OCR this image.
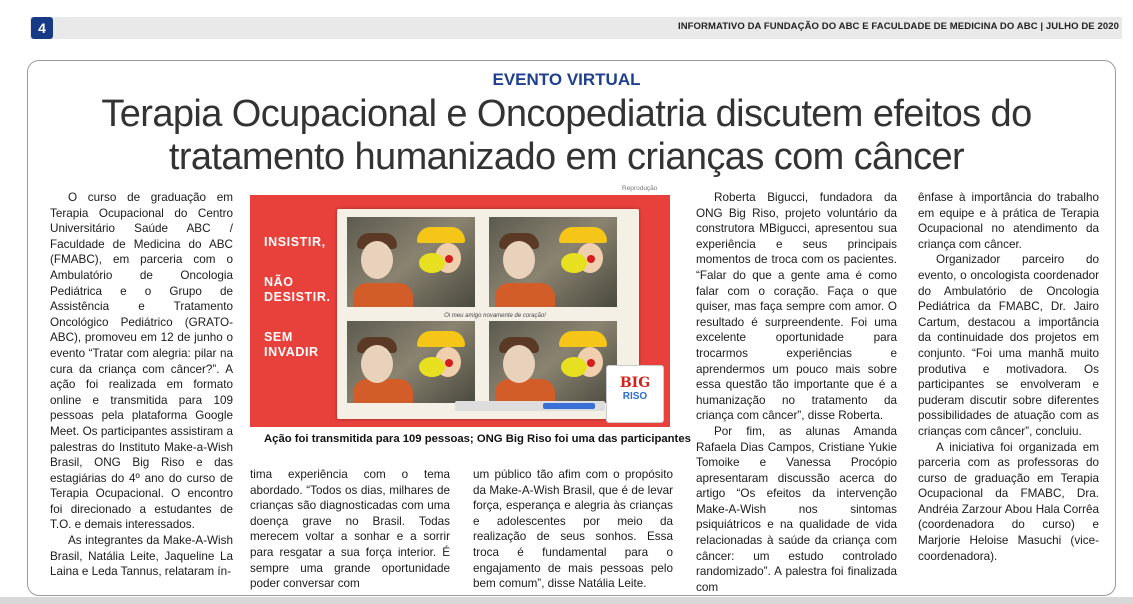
4	INFORMATIVO DA FUNDAÇÃO DO ABC E FACULDADE DE MEDICINA DO ABC | JULHO DE 2020
EVENTO VIRTUAL
Terapia Ocupacional e Oncopediatria discutem efeitos do
tratamento humanizado em crianças com câncer

O curso de graduação em Terapia Ocupacional do Centro Universitário Saúde ABC / Faculdade de Medicina do ABC (FMABC), em parceria com o Ambulatório de Oncologia Pediátrica e o Grupo de Assistência e Tratamento Oncológico Pediátrico (GRATO-ABC), promoveu em 12 de junho o evento “Tratar com alegria: pilar na cura da criança com câncer?”. A ação foi realizada em formato online e transmitida para 109 pessoas pela plataforma Google Meet. Os participantes assistiram a palestras do Instituto Make-a-Wish Brasil, ONG Big Riso e das estagiárias do 4º ano do curso de Terapia Ocupacional. O encontro foi direcionado a estudantes de T.O. e demais interessados.

As integrantes da Make-A-Wish Brasil, Natália Leite, Jaqueline La Laina e Leda Tannus, relataram ín-

Reprodução
INSISTIR,
NÃO DESISTIR.
SEM INVADIR
Oi meu amigo novamente de coração!
BIG
RISO
Ação foi transmitida para 109 pessoas; ONG Big Riso foi uma das participantes

tima experiência com o tema abordado. “Todos os dias, milhares de crianças são diagnosticadas com uma doença grave no Brasil. Todas merecem voltar a sonhar e a sorrir para resgatar a sua força interior. É sempre uma grande oportunidade poder conversar com

um público tão afim com o propósito da Make-A-Wish Brasil, que é de levar força, esperança e alegria às crianças e adolescentes por meio da realização de seus sonhos. Essa troca é fundamental para o engajamento de mais pessoas pelo bem comum”, disse Natália Leite.

Roberta Bigucci, fundadora da ONG Big Riso, projeto voluntário da construtora MBigucci, apresentou sua experiência e seus principais momentos de troca com os pacientes. “Falar do que a gente ama é como falar com o coração. Faça o que quiser, mas faça sempre com amor. O resultado é surpreendente. Foi uma excelente oportunidade para trocarmos experiências e aprendermos um pouco mais sobre essa questão tão importante que é a humanização no tratamento da criança com câncer”, disse Roberta.

Por fim, as alunas Amanda Rafaela Dias Campos, Cristiane Yukie Tomoike e Vanessa Procópio apresentaram discussão acerca do artigo “Os efeitos da intervenção Make-A-Wish nos sintomas psiquiátricos e na qualidade de vida relacionadas à saúde da criança com câncer: um estudo controlado randomizado”. A palestra foi finalizada com

ênfase à importância do trabalho em equipe e à prática de Terapia Ocupacional no atendimento da criança com câncer.

Organizador parceiro do evento, o oncologista coordenador do Ambulatório de Oncologia Pediátrica da FMABC, Dr. Jairo Cartum, destacou a importância da continuidade dos projetos em conjunto. “Foi uma manhã muito produtiva e motivadora. Os participantes se envolveram e puderam discutir sobre diferentes possibilidades de atuação com as crianças com câncer”, concluiu.

A iniciativa foi organizada em parceria com as professoras do curso de graduação em Terapia Ocupacional da FMABC, Dra. Andréia Zarzour Abou Hala Corrêa (coordenadora do curso) e Marjorie Heloise Masuchi (vice-coordenadora).
